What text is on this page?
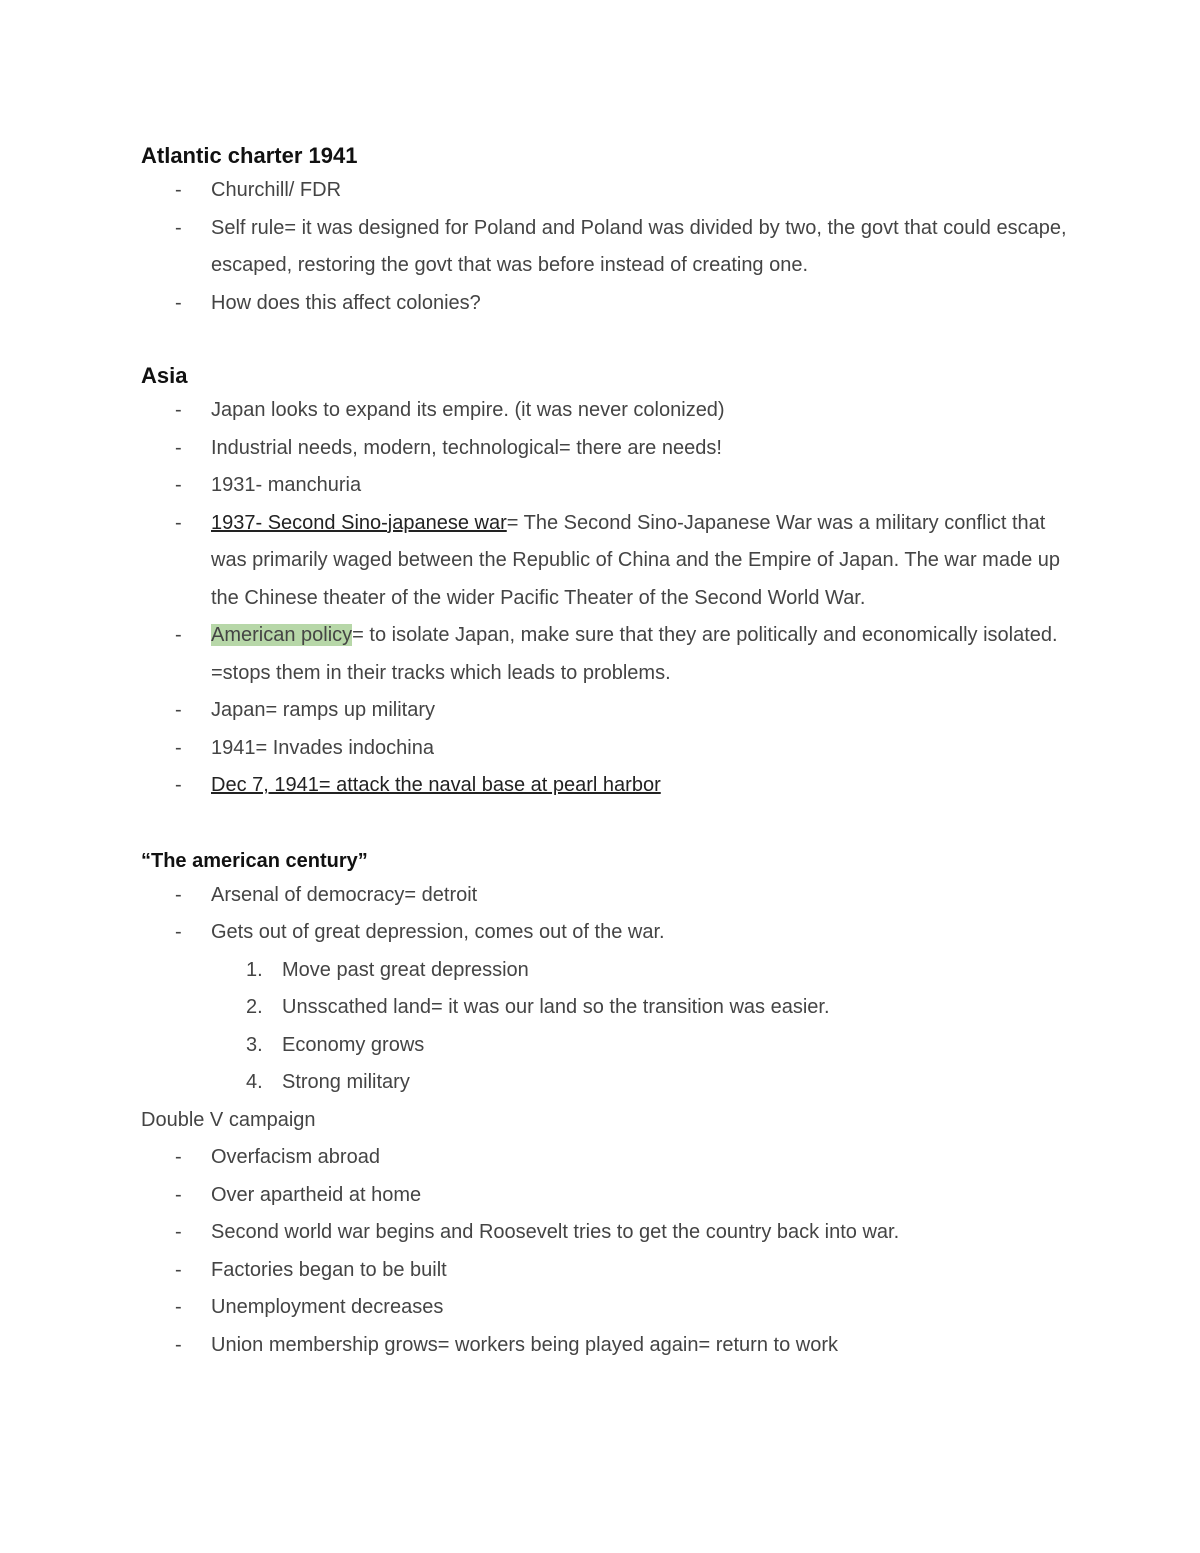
Atlantic charter 1941
- Churchill/ FDR
- Self rule= it was designed for Poland and Poland was divided by two, the govt that could escape, escaped, restoring the govt that was before instead of creating one.
- How does this affect colonies?
Asia
- Japan looks to expand its empire. (it was never colonized)
- Industrial needs, modern, technological= there are needs!
- 1931- manchuria
- 1937- Second Sino-japanese war= The Second Sino-Japanese War was a military conflict that was primarily waged between the Republic of China and the Empire of Japan. The war made up the Chinese theater of the wider Pacific Theater of the Second World War.
- American policy= to isolate Japan, make sure that they are politically and economically isolated. =stops them in their tracks which leads to problems.
- Japan= ramps up military
- 1941= Invades indochina
- Dec 7, 1941= attack the naval base at pearl harbor
“The american century”
- Arsenal of democracy= detroit
- Gets out of great depression, comes out of the war.
1. Move past great depression
2. Unsscathed land= it was our land so the transition was easier.
3. Economy grows
4. Strong military

Double V campaign

- Overfacism abroad
- Over apartheid at home
- Second world war begins and Roosevelt tries to get the country back into war.
- Factories began to be built
- Unemployment decreases
- Union membership grows= workers being played again= return to work
